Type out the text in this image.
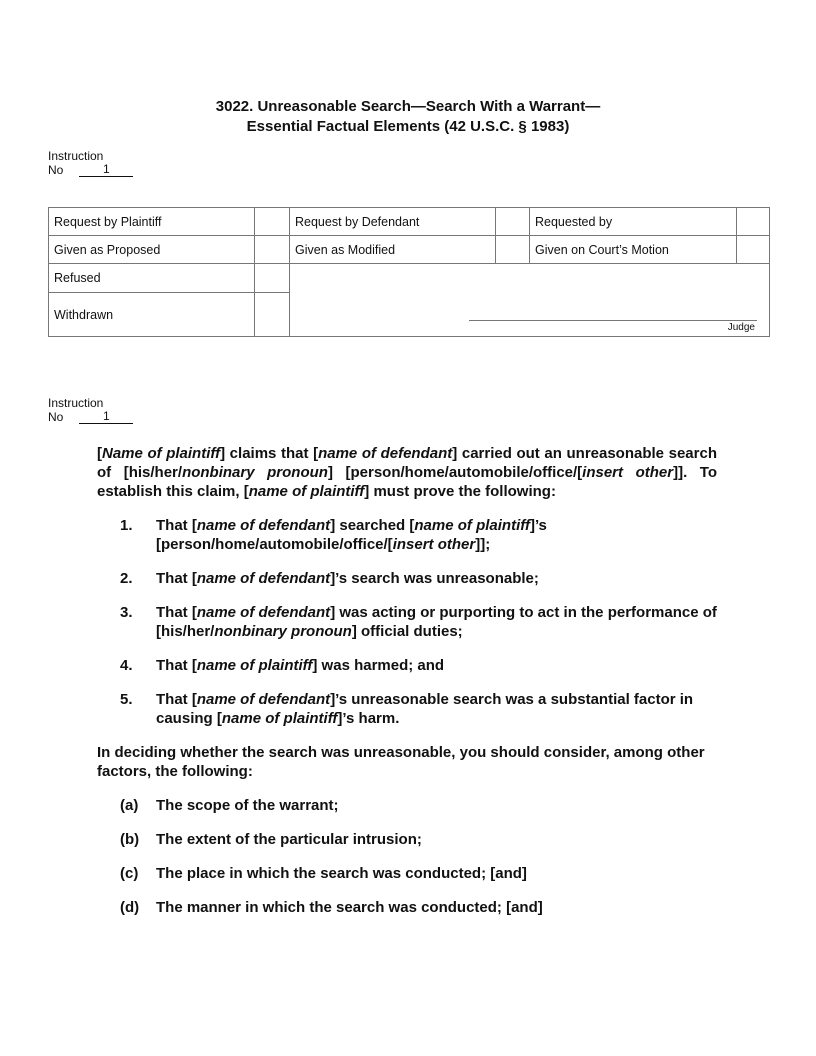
3022. Unreasonable Search—Search With a Warrant—
Essential Factual Elements (42 U.S.C. § 1983)
Instruction
No	1
Request by Plaintiff		Request by Defendant		Requested by	
Given as Proposed		Given as Modified		Given on Court’s Motion	
Refused		Judge			

Withdrawn					
Instruction
No	1

[Name of plaintiff] claims that [name of defendant] carried out an unreasonable search of [his/her/nonbinary pronoun] [person/home/automobile/office/[insert other]]. To establish this claim, [name of plaintiff] must prove the following:

1.	That [name of defendant] searched [name of plaintiff]’s [person/home/automobile/office/[insert other]];
2.	That [name of defendant]’s search was unreasonable;
3.	That [name of defendant] was acting or purporting to act in the performance of [his/her/nonbinary pronoun] official duties;
4.	That [name of plaintiff] was harmed; and
5.	That [name of defendant]’s unreasonable search was a substantial factor in causing [name of plaintiff]’s harm.

In deciding whether the search was unreasonable, you should consider, among other factors, the following:

(a)	The scope of the warrant;
(b)	The extent of the particular intrusion;
(c)	The place in which the search was conducted; [and]
(d)	The manner in which the search was conducted; [and]
